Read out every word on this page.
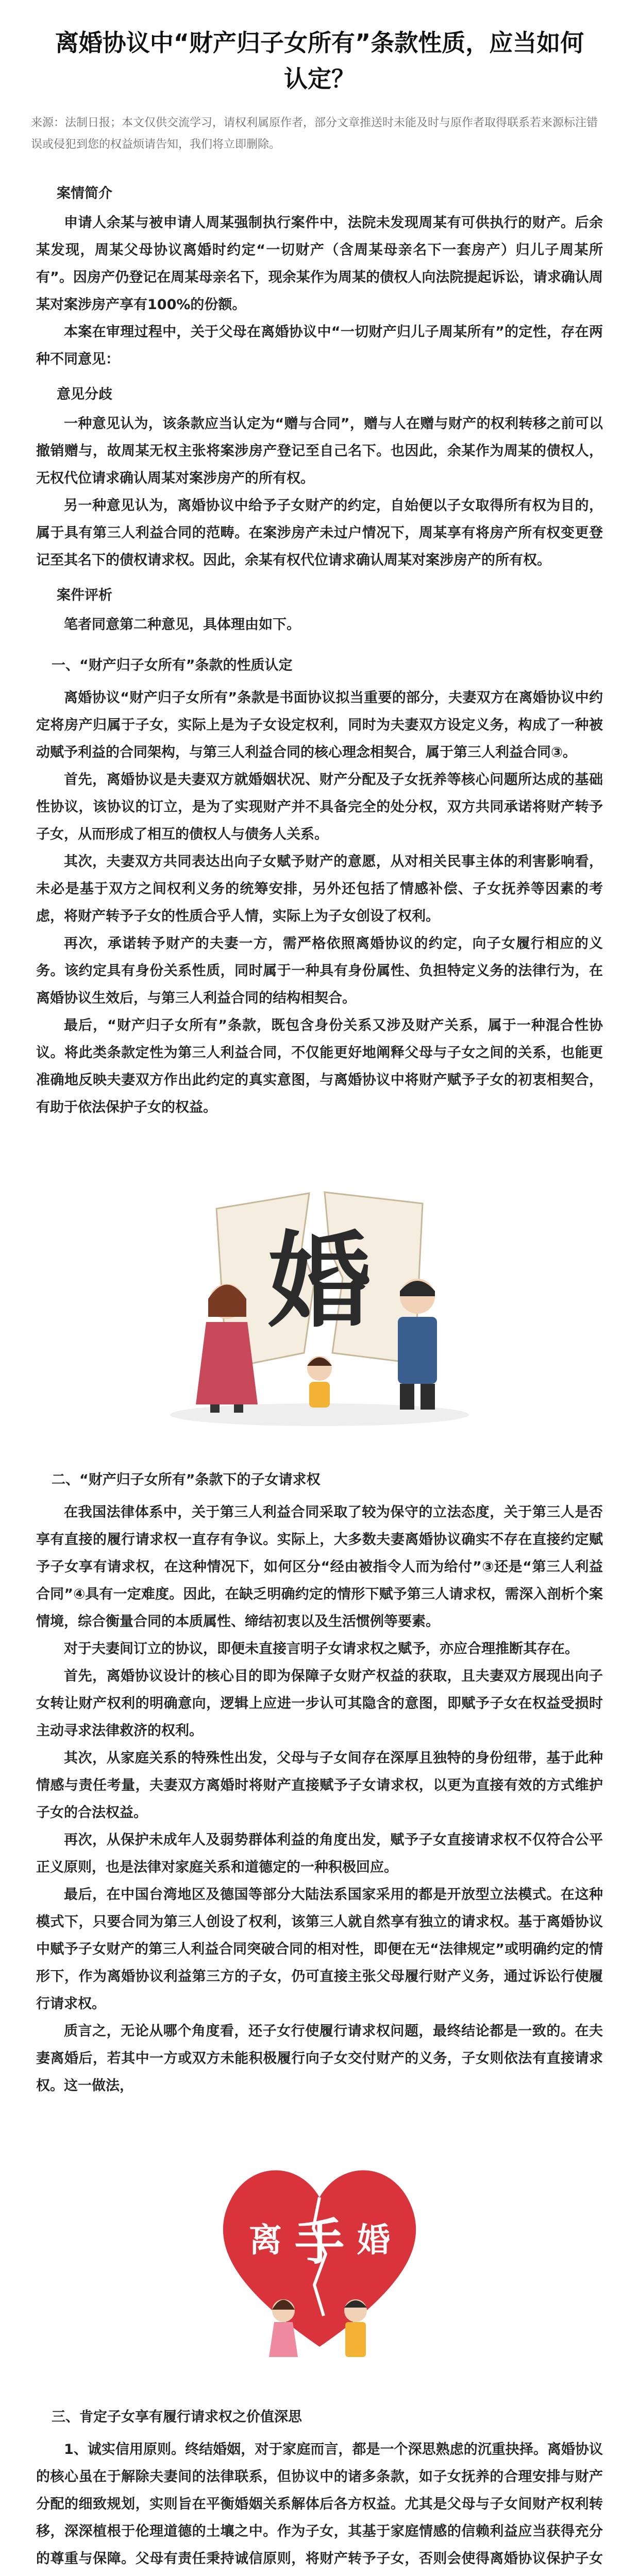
离婚协议中“财产归子女所有”条款性质，应当如何认定？
来源：法制日报；本文仅供交流学习，请权利属原作者，部分文章推送时未能及时与原作者取得联系若来源标注错误或侵犯到您的权益烦请告知，我们将立即删除。
案情简介

申请人余某与被申请人周某强制执行案件中，法院未发现周某有可供执行的财产。后余某发现，周某父母协议离婚时约定“一切财产（含周某母亲名下一套房产）归儿子周某所有”。因房产仍登记在周某母亲名下，现余某作为周某的债权人向法院提起诉讼，请求确认周某对案涉房产享有100%的份额。

本案在审理过程中，关于父母在离婚协议中“一切财产归儿子周某所有”的定性，存在两种不同意见：

意见分歧

一种意见认为，该条款应当认定为“赠与合同”，赠与人在赠与财产的权利转移之前可以撤销赠与，故周某无权主张将案涉房产登记至自己名下。也因此，余某作为周某的债权人，无权代位请求确认周某对案涉房产的所有权。

另一种意见认为，离婚协议中给予子女财产的约定，自始便以子女取得所有权为目的，属于具有第三人利益合同的范畴。在案涉房产未过户情况下，周某享有将房产所有权变更登记至其名下的债权请求权。因此，余某有权代位请求确认周某对案涉房产的所有权。

案件评析

笔者同意第二种意见，具体理由如下。

一、“财产归子女所有”条款的性质认定

离婚协议“财产归子女所有”条款是书面协议拟当重要的部分，夫妻双方在离婚协议中约定将房产归属于子女，实际上是为子女设定权利，同时为夫妻双方设定义务，构成了一种被动赋予利益的合同架构，与第三人利益合同的核心理念相契合，属于第三人利益合同③。

首先，离婚协议是夫妻双方就婚姻状况、财产分配及子女抚养等核心问题所达成的基础性协议，该协议的订立，是为了实现财产并不具备完全的处分权，双方共同承诺将财产转予子女，从而形成了相互的债权人与债务人关系。

其次，夫妻双方共同表达出向子女赋予财产的意愿，从对相关民事主体的利害影响看，未必是基于双方之间权利义务的统筹安排，另外还包括了情感补偿、子女抚养等因素的考虑，将财产转予子女的性质合乎人情，实际上为子女创设了权利。

再次，承诺转予财产的夫妻一方，需严格依照离婚协议的约定，向子女履行相应的义务。该约定具有身份关系性质，同时属于一种具有身份属性、负担特定义务的法律行为，在离婚协议生效后，与第三人利益合同的结构相契合。

最后，“财产归子女所有”条款，既包含身份关系又涉及财产关系，属于一种混合性协议。将此类条款定性为第三人利益合同，不仅能更好地阐释父母与子女之间的关系，也能更准确地反映夫妻双方作出此约定的真实意图，与离婚协议中将财产赋予子女的初衷相契合，有助于依法保护子女的权益。

婚
二、“财产归子女所有”条款下的子女请求权

在我国法律体系中，关于第三人利益合同采取了较为保守的立法态度，关于第三人是否享有直接的履行请求权一直存有争议。实际上，大多数夫妻离婚协议确实不存在直接约定赋予子女享有请求权，在这种情况下，如何区分“经由被指令人而为给付”③还是“第三人利益合同”④具有一定难度。因此，在缺乏明确约定的情形下赋予第三人请求权，需深入剖析个案情境，综合衡量合同的本质属性、缔结初衷以及生活惯例等要素。

对于夫妻间订立的协议，即便未直接言明子女请求权之赋予，亦应合理推断其存在。

首先，离婚协议设计的核心目的即为保障子女财产权益的获取，且夫妻双方展现出向子女转让财产权利的明确意向，逻辑上应进一步认可其隐含的意图，即赋予子女在权益受损时主动寻求法律救济的权利。

其次，从家庭关系的特殊性出发，父母与子女间存在深厚且独特的身份纽带，基于此种情感与责任考量，夫妻双方离婚时将财产直接赋予子女请求权，以更为直接有效的方式维护子女的合法权益。

再次，从保护未成年人及弱势群体利益的角度出发，赋予子女直接请求权不仅符合公平正义原则，也是法律对家庭关系和道德定的一种积极回应。

最后，在中国台湾地区及德国等部分大陆法系国家采用的都是开放型立法模式。在这种模式下，只要合同为第三人创设了权利，该第三人就自然享有独立的请求权。基于离婚协议中赋予子女财产的第三人利益合同突破合同的相对性，即便在无“法律规定”或明确约定的情形下，作为离婚协议利益第三方的子女，仍可直接主张父母履行财产义务，通过诉讼行使履行请求权。

质言之，无论从哪个角度看，还子女行使履行请求权问题，最终结论都是一致的。在夫妻离婚后，若其中一方或双方未能积极履行向子女交付财产的义务，子女则依法有直接请求权。这一做法，

离 手 婚
三、肯定子女享有履行请求权之价值深思

1、诚实信用原则。终结婚姻，对于家庭而言，都是一个深思熟虑的沉重抉择。离婚协议的核心虽在于解除夫妻间的法律联系，但协议中的诸多条款，如子女抚养的合理安排与财产分配的细致规划，实则旨在平衡婚姻关系解体后各方权益。尤其是父母与子女间财产权利转移，深深植根于伦理道德的土壤之中。作为子女，其基于家庭情感的信赖利益应当获得充分的尊重与保障。父母有责任秉持诚信原则，将财产转予子女，否则会使得离婚协议保护子女
